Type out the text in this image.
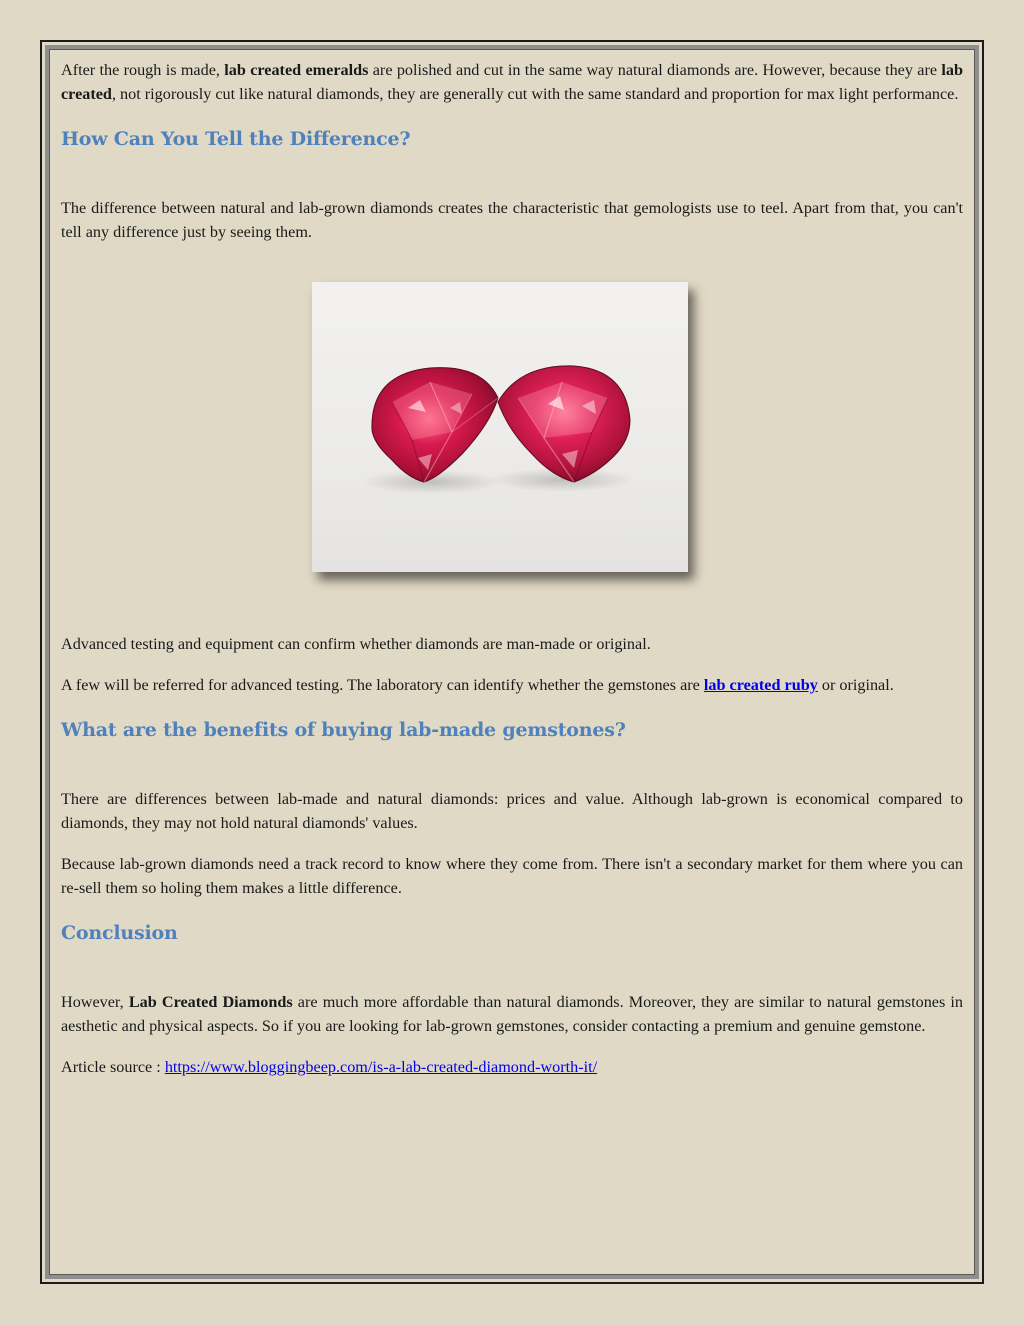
After the rough is made, lab created emeralds are polished and cut in the same way natural diamonds are. However, because they are lab created, not rigorously cut like natural diamonds, they are generally cut with the same standard and proportion for max light performance.

How Can You Tell the Difference?

The difference between natural and lab-grown diamonds creates the characteristic that gemologists use to teel. Apart from that, you can't tell any difference just by seeing them.

Advanced testing and equipment can confirm whether diamonds are man-made or original.

A few will be referred for advanced testing. The laboratory can identify whether the gemstones are lab created ruby or original.

What are the benefits of buying lab-made gemstones?

There are differences between lab-made and natural diamonds: prices and value. Although lab-grown is economical compared to diamonds, they may not hold natural diamonds' values.

Because lab-grown diamonds need a track record to know where they come from. There isn't a secondary market for them where you can re-sell them so holing them makes a little difference.

Conclusion

However, Lab Created Diamonds are much more affordable than natural diamonds. Moreover, they are similar to natural gemstones in aesthetic and physical aspects. So if you are looking for lab-grown gemstones, consider contacting a premium and genuine gemstone.

Article source : https://www.bloggingbeep.com/is-a-lab-created-diamond-worth-it/
